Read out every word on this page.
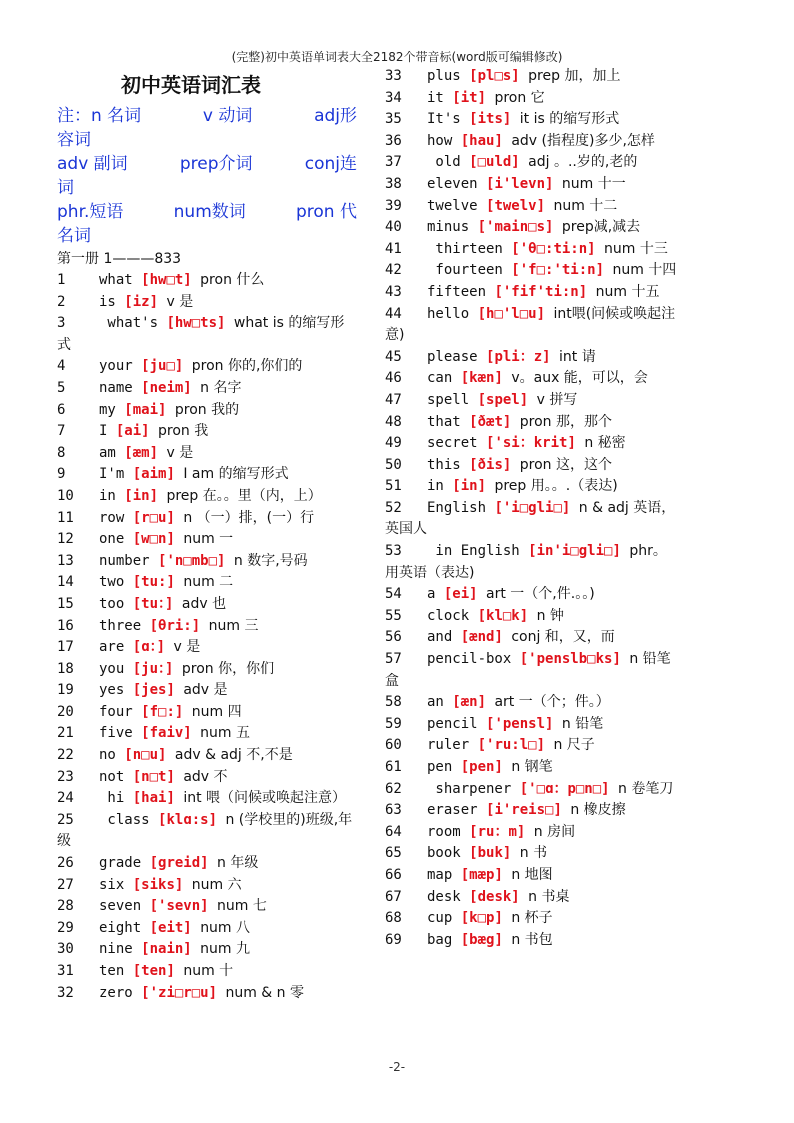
(完整)初中英语单词表大全2182个带音标(word版可编辑修改)
初中英语词汇表
注：n 名词	v 动词	adj形
容词
adv 副词	prep介词	conj连
词
phr.短语	num数词	pron 代
名词
第一册 1———833
1 what [hw□t] pron 什么
2 is [iz] v 是
3 what's [hw□ts] what is 的缩写形式
4 your [ju□] pron 你的,你们的
5 name [neim] n 名字
6 my [mai] pron 我的
7 I [ai] pron 我
8 am [æm] v 是
9 I'm [aim] I am 的缩写形式
10 in [in] prep 在。。里（内，上）
11 row [r□u] n （一）排，(一）行
12 one [w□n] num 一
13 number ['n□mb□] n 数字,号码
14 two [tu:] num 二
15 too [tu：] adv 也
16 three [θri:] num 三
17 are [ɑ：] v 是
18 you [ju：] pron 你，你们
19 yes [jes] adv 是
20 four [f□:] num 四
21 five [faiv] num 五
22 no [n□u] adv & adj 不,不是
23 not [n□t] adv 不
24 hi [hai] int 喂（问候或唤起注意）
25 class [klɑ:s] n (学校里的)班级,年级
26 grade [greid] n 年级
27 six [siks] num 六
28 seven ['sevn] num 七
29 eight [eit] num 八
30 nine [nain] num 九
31 ten [ten] num 十
32 zero ['zi□r□u] num & n 零
33 plus [pl□s] prep 加，加上
34 it [it] pron 它
35 It's [its] it is 的缩写形式
36 how [hau] adv (指程度)多少,怎样
37 old [□uld] adj 。..岁的,老的
38 eleven [i'levn] num 十一
39 twelve [twelv] num 十二
40 minus ['main□s] prep减,减去
41 thirteen ['θ□:ti:n] num 十三
42 fourteen ['f□:'ti:n] num 十四
43 fifteen ['fif'ti:n] num 十五
44 hello [h□'l□u] int喂(问候或唤起注意)
45 please [pli：z] int 请
46 can [kæn] v。aux 能，可以，会
47 spell [spel] v 拼写
48 that [ðæt] pron 那，那个
49 secret ['si：krit] n 秘密
50 this [ðis] pron 这，这个
51 in [in] prep 用。。.（表达)
52 English ['i□gli□] n & adj 英语，英国人
53 in English [in'i□gli□] phr。 用英语（表达)
54 a [ei] art 一（个,件.。。)
55 clock [kl□k] n 钟
56 and [ænd] conj 和，又，而
57 pencil-box ['penslb□ks] n 铅笔盒
58 an [æn] art 一（个；件。）
59 pencil ['pensl] n 铅笔
60 ruler ['ru:l□] n 尺子
61 pen [pen] n 钢笔
62 sharpener ['□ɑ：p□n□] n 卷笔刀
63 eraser [i'reis□] n 橡皮擦
64 room [ru：m] n 房间
65 book [buk] n 书
66 map [mæp] n 地图
67 desk [desk] n 书桌
68 cup [k□p] n 杯子
69 bag [bæg] n 书包
-2-
